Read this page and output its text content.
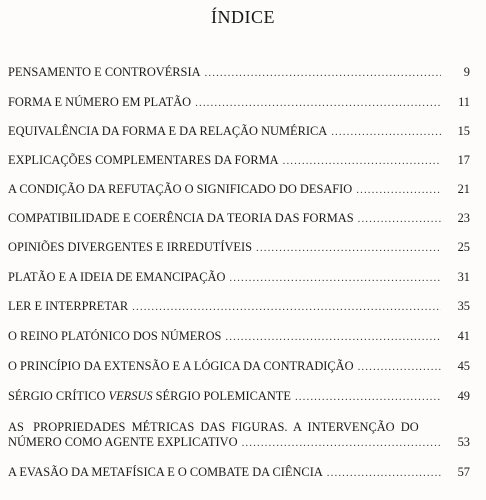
ÍNDICE
PENSAMENTO E CONTROVÉRSIA .....	9
FORMA E NÚMERO EM PLATÃO .....	11
EQUIVALÊNCIA DA FORMA E DA RELAÇÃO NUMÉRICA .....	15
EXPLICAÇÕES COMPLEMENTARES DA FORMA .....	17
A CONDIÇÃO DA REFUTAÇÃO O SIGNIFICADO DO DESAFIO .....	21
COMPATIBILIDADE E COERÊNCIA DA TEORIA DAS FORMAS .....	23
OPINIÕES DIVERGENTES E IRREDUTÍVEIS .....	25
PLATÃO E A IDEIA DE EMANCIPAÇÃO .....	31
LER E INTERPRETAR .....	35
O REINO PLATÓNICO DOS NÚMEROS .....	41
O PRINCÍPIO DA EXTENSÃO E A LÓGICA DA CONTRADIÇÃO .....	45
SÉRGIO CRÍTICO VERSUS SÉRGIO POLEMICANTE .....	49
AS   PROPRIEDADES  MÉTRICAS  DAS  FIGURAS.  A  INTERVENÇÃO  DO
NÚMERO COMO AGENTE EXPLICATIVO .....	53
A EVASÃO DA METAFÍSICA E O COMBATE DA CIÊNCIA .....	57
